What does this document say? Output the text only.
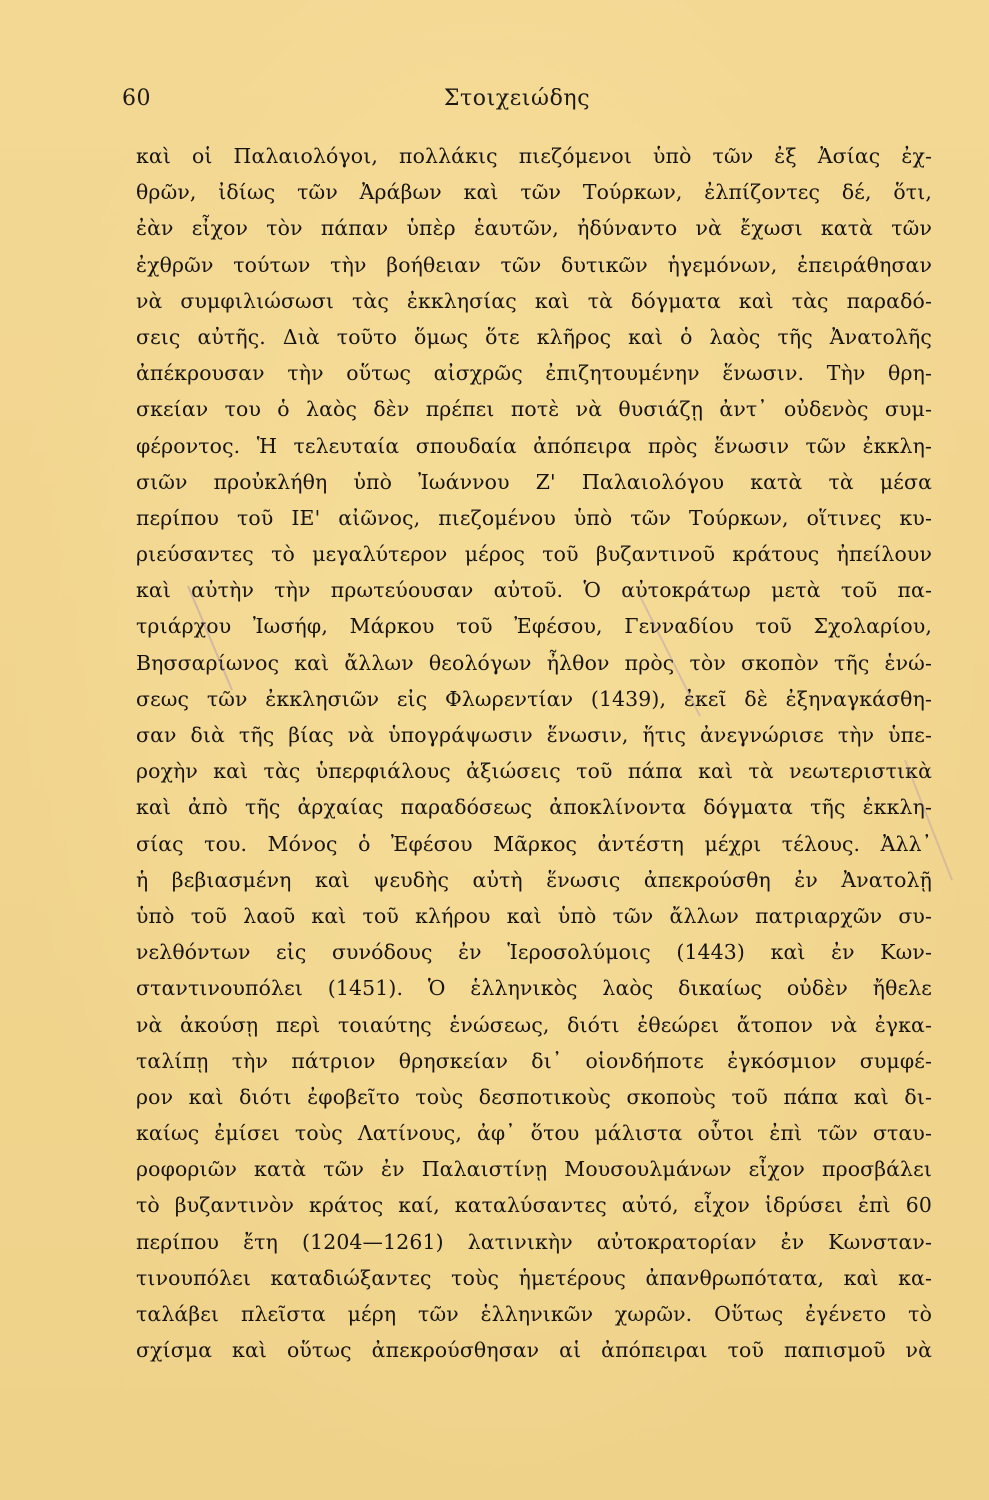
60	Στοιχειώδης
καὶ οἱ Παλαιολόγοι, πολλάκις πιεζόμενοι ὑπὸ τῶν ἐξ Ἀσίας ἐχ-
θρῶν, ἰδίως τῶν Ἀράβων καὶ τῶν Τούρκων, ἐλπίζοντες δέ, ὅτι,
ἐὰν εἶχον τὸν πάπαν ὑπὲρ ἑαυτῶν, ἠδύναντο νὰ ἔχωσι κατὰ τῶν
ἐχθρῶν τούτων τὴν βοήθειαν τῶν δυτικῶν ἡγεμόνων, ἐπειράθησαν
νὰ συμφιλιώσωσι τὰς ἐκκλησίας καὶ τὰ δόγματα καὶ τὰς παραδό-
σεις αὐτῆς. Διὰ τοῦτο ὅμως ὅτε κλῆρος καὶ ὁ λαὸς τῆς Ἀνατολῆς
ἀπέκρουσαν τὴν οὕτως αἰσχρῶς ἐπιζητουμένην ἕνωσιν. Τὴν θρη-
σκείαν του ὁ λαὸς δὲν πρέπει ποτὲ νὰ θυσιάζῃ ἀντ᾽ οὐδενὸς συμ-
φέροντος. Ἡ τελευταία σπουδαία ἀπόπειρα πρὸς ἕνωσιν τῶν ἐκκλη-
σιῶν προὐκλήθη ὑπὸ Ἰωάννου Ζ' Παλαιολόγου κατὰ τὰ μέσα
περίπου τοῦ ΙΕ' αἰῶνος, πιεζομένου ὑπὸ τῶν Τούρκων, οἵτινες κυ-
ριεύσαντες τὸ μεγαλύτερον μέρος τοῦ βυζαντινοῦ κράτους ἠπείλουν
καὶ αὐτὴν τὴν πρωτεύουσαν αὐτοῦ. Ὁ αὐτοκράτωρ μετὰ τοῦ πα-
τριάρχου Ἰωσήφ, Μάρκου τοῦ Ἐφέσου, Γενναδίου τοῦ Σχολαρίου,
Βησσαρίωνος καὶ ἄλλων θεολόγων ἦλθον πρὸς τὸν σκοπὸν τῆς ἑνώ-
σεως τῶν ἐκκλησιῶν εἰς Φλωρεντίαν (1439), ἐκεῖ δὲ ἐξηναγκάσθη-
σαν διὰ τῆς βίας νὰ ὑπογράψωσιν ἕνωσιν, ἥτις ἀνεγνώρισε τὴν ὑπε-
ροχὴν καὶ τὰς ὑπερφιάλους ἀξιώσεις τοῦ πάπα καὶ τὰ νεωτεριστικὰ
καὶ ἀπὸ τῆς ἀρχαίας παραδόσεως ἀποκλίνοντα δόγματα τῆς ἐκκλη-
σίας του. Μόνος ὁ Ἐφέσου Μᾶρκος ἀντέστη μέχρι τέλους. Ἀλλ᾽
ἡ βεβιασμένη καὶ ψευδὴς αὐτὴ ἕνωσις ἀπεκρούσθη ἐν Ἀνατολῇ
ὑπὸ τοῦ λαοῦ καὶ τοῦ κλήρου καὶ ὑπὸ τῶν ἄλλων πατριαρχῶν συ-
νελθόντων εἰς συνόδους ἐν Ἱεροσολύμοις (1443) καὶ ἐν Κων-
σταντινουπόλει (1451). Ὁ ἑλληνικὸς λαὸς δικαίως οὐδὲν ἤθελε
νὰ ἀκούσῃ περὶ τοιαύτης ἑνώσεως, διότι ἐθεώρει ἄτοπον νὰ ἐγκα-
ταλίπῃ τὴν πάτριον θρησκείαν δι᾽ οἱονδήποτε ἐγκόσμιον συμφέ-
ρον καὶ διότι ἐφοβεῖτο τοὺς δεσποτικοὺς σκοποὺς τοῦ πάπα καὶ δι-
καίως ἐμίσει τοὺς Λατίνους, ἀφ᾽ ὅτου μάλιστα οὗτοι ἐπὶ τῶν σταυ-
ροφοριῶν κατὰ τῶν ἐν Παλαιστίνῃ Μουσουλμάνων εἶχον προσβάλει
τὸ βυζαντινὸν κράτος καί, καταλύσαντες αὐτό, εἶχον ἱδρύσει ἐπὶ 60
περίπου ἔτη (1204—1261) λατινικὴν αὐτοκρατορίαν ἐν Κωνσταν-
τινουπόλει καταδιώξαντες τοὺς ἡμετέρους ἀπανθρωπότατα, καὶ κα-
ταλάβει πλεῖστα μέρη τῶν ἑλληνικῶν χωρῶν. Οὕτως ἐγένετο τὸ
σχίσμα καὶ οὕτως ἀπεκρούσθησαν αἱ ἀπόπειραι τοῦ παπισμοῦ νὰ
